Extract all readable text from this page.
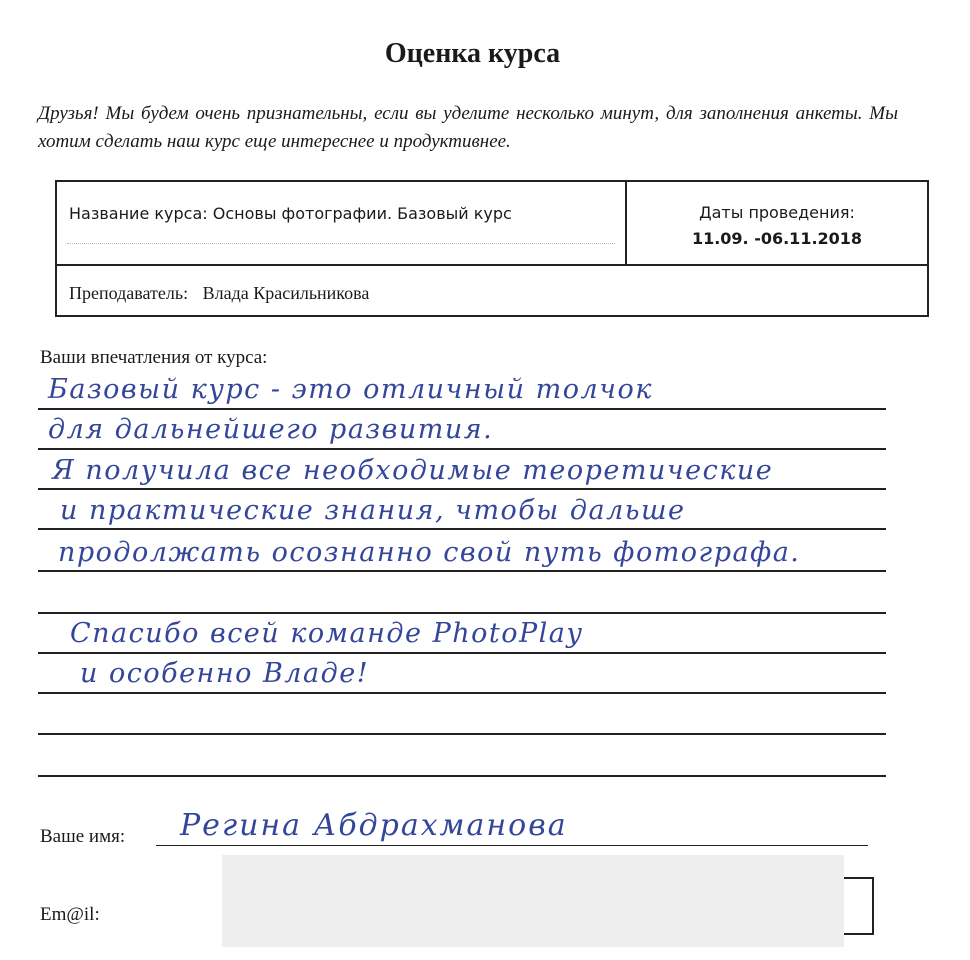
Оценка курса
Друзья! Мы будем очень признательны, если вы уделите несколько минут, для заполнения анкеты. Мы хотим сделать наш курс еще интереснее и продуктивнее.
Название курса: Основы фотографии. Базовый курс	Даты проведения:
11.09. -06.11.2018
Преподаватель: Влада Красильникова
Ваши впечатления от курса:
Базовый курс - это отличный толчок
для дальнейшего развития.
Я получила все необходимые теоретические
и практические знания, чтобы дальше
продолжать осознанно свой путь фотографа.
Спасибо всей команде PhotoPlay
и особенно Владе!
Ваше имя: Регина Абдрахманова
Em@il:
